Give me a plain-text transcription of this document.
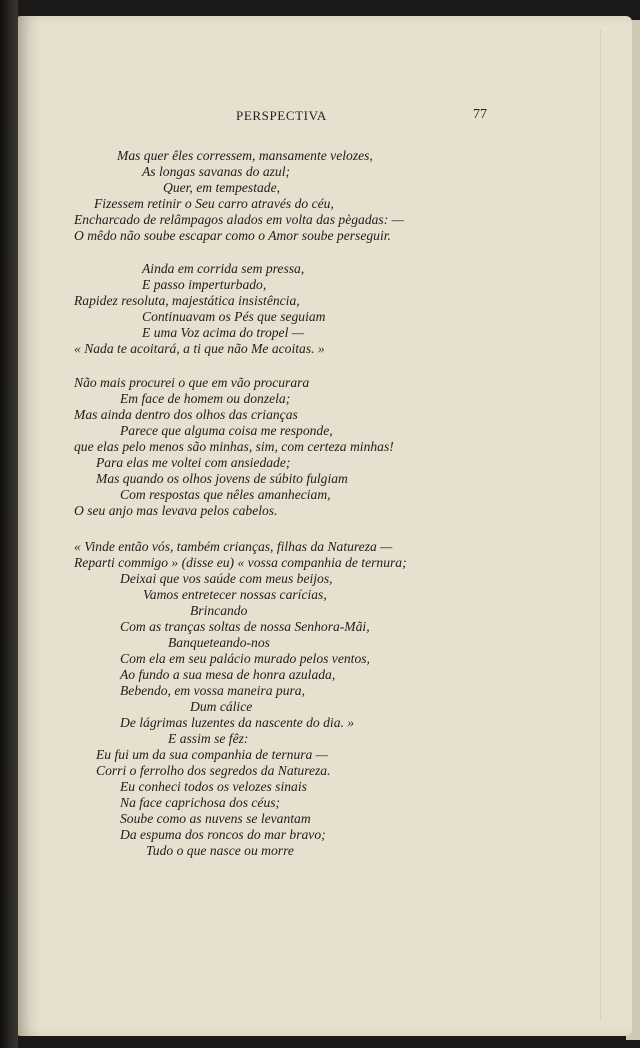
PERSPECTIVA	77
Mas quer êles corressem, mansamente velozes,
As longas savanas do azul;
Quer, em tempestade,
Fizessem retinir o Seu carro através do céu,
Encharcado de relâmpagos alados em volta das pègadas: —
O mêdo não soube escapar como o Amor soube perseguir.
Ainda em corrida sem pressa,
E passo imperturbado,
Rapidez resoluta, majestática insistência,
Continuavam os Pés que seguiam
E uma Voz acima do tropel —
« Nada te acoitará, a ti que não Me acoitas. »
Não mais procurei o que em vão procurara
Em face de homem ou donzela;
Mas ainda dentro dos olhos das crianças
Parece que alguma coisa me responde,
que elas pelo menos são minhas, sim, com certeza minhas!
Para elas me voltei com ansiedade;
Mas quando os olhos jovens de súbito fulgiam
Com respostas que nêles amanheciam,
O seu anjo mas levava pelos cabelos.
« Vinde então vós, também crianças, filhas da Natureza —
Reparti commigo » (disse eu) « vossa companhia de ternura;
Deixai que vos saúde com meus beijos,
Vamos entretecer nossas carícias,
Brincando
Com as tranças soltas de nossa Senhora-Mãi,
Banqueteando-nos
Com ela em seu palácio murado pelos ventos,
Ao fundo a sua mesa de honra azulada,
Bebendo, em vossa maneira pura,
Dum cálice
De lágrimas luzentes da nascente do dia. »
E assim se fêz:
Eu fui um da sua companhia de ternura —
Corri o ferrolho dos segredos da Natureza.
Eu conheci todos os velozes sinais
Na face caprichosa dos céus;
Soube como as nuvens se levantam
Da espuma dos roncos do mar bravo;
Tudo o que nasce ou morre
